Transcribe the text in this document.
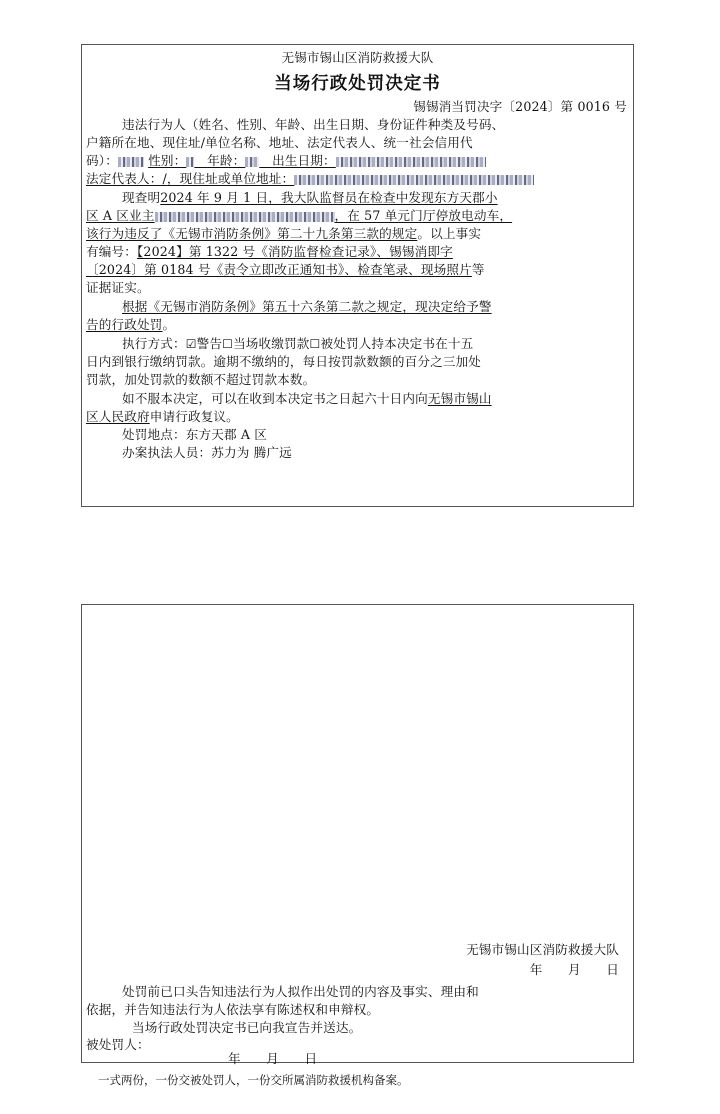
无锡市锡山区消防救援大队
当场行政处罚决定书
锡锡消当罚决字〔2024〕第 0016 号
违法行为人（姓名、性别、年龄、出生日期、身份证件种类及号码、
户籍所在地、现住址/单位名称、地址、法定代表人、统一社会信用代
码）： 性别：　 年龄：　 出生日期：
法定代表人：/，现住址或单位地址：
现查明2024 年 9 月 1 日，我大队监督员在检查中发现东方天郡小
区 A 区业主	，在 57 单元门厅停放电动车，
该行为违反了《无锡市消防条例》第二十九条第三款的规定。以上事实
有编号：【2024】第 1322 号《消防监督检查记录》、锡锡消即字
〔2024〕第 0184 号《责令立即改正通知书》、检查笔录、现场照片等
证据证实。
根据《无锡市消防条例》第五十六条第二款之规定，现决定给予警
告的行政处罚。
执行方式：☑警告☐当场收缴罚款☐被处罚人持本决定书在十五
日内到银行缴纳罚款。逾期不缴纳的，每日按罚款数额的百分之三加处
罚款，加处罚款的数额不超过罚款本数。
如不服本决定，可以在收到本决定书之日起六十日内向无锡市锡山
区人民政府申请行政复议。
处罚地点：东方天郡 A 区
办案执法人员：苏力为 腾广远
无锡市锡山区消防救援大队
年　　月　　日
处罚前已口头告知违法行为人拟作出处罚的内容及事实、理由和
依据，并告知违法行为人依法享有陈述权和申辩权。
当场行政处罚决定书已向我宣告并送达。
被处罚人：
年　　月　　日
一式两份，一份交被处罚人，一份交所属消防救援机构备案。
